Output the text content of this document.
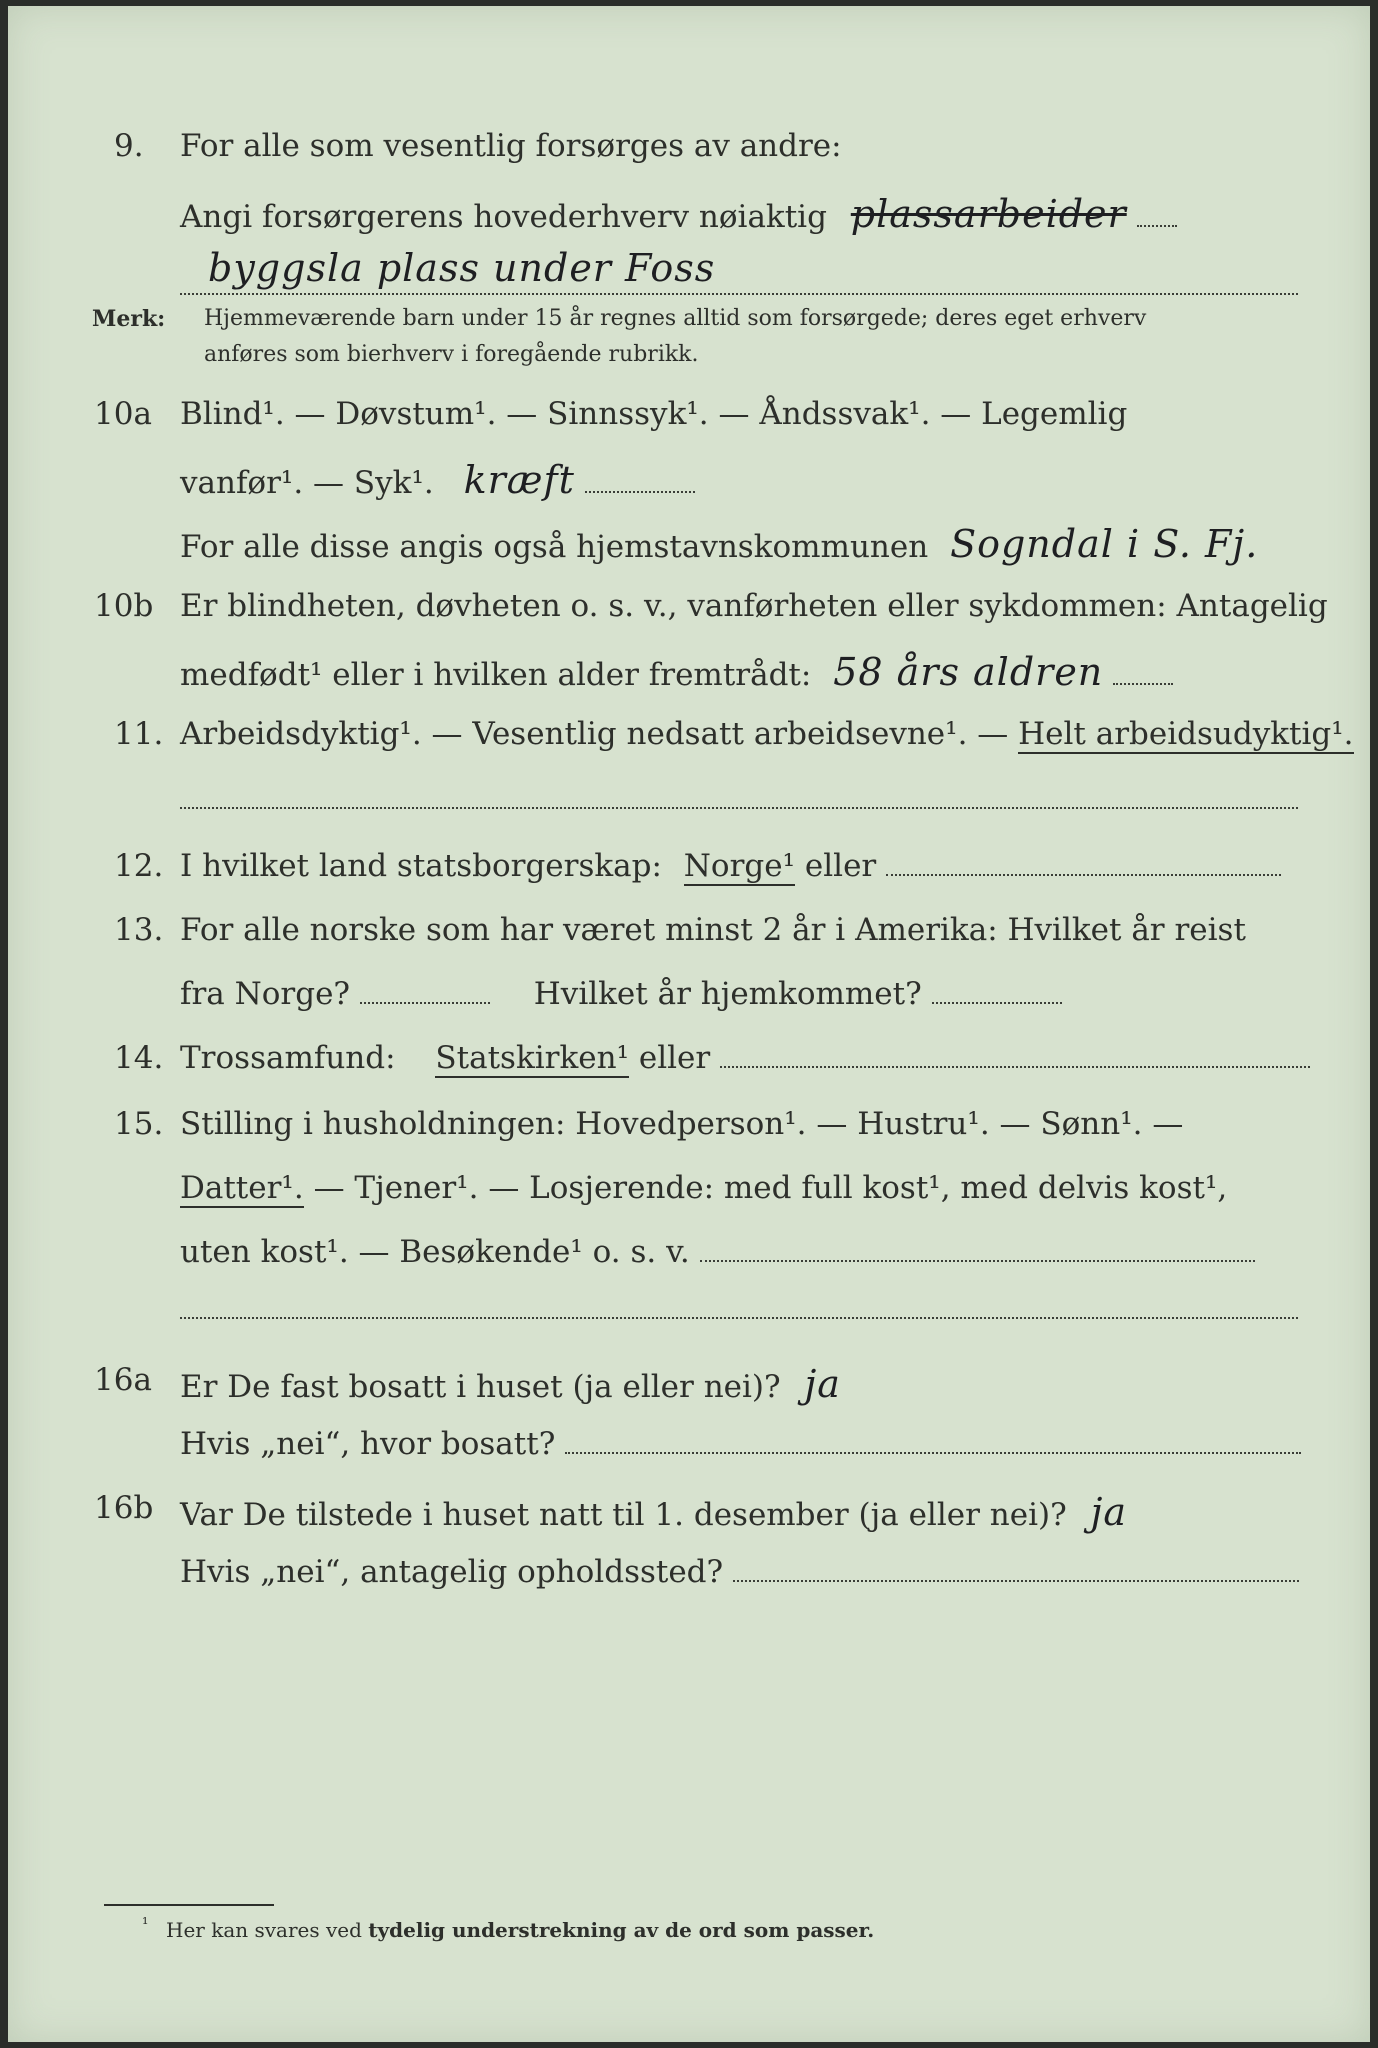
9. For alle som vesentlig forsørges av andre:
Angi forsørgerens hovederhverv nøiaktig plassarbeider
byggsla plass under Foss
Merk: Hjemmeværende barn under 15 år regnes alltid som forsørgede; deres eget erhverv
anføres som bierhverv i foregående rubrikk.
10a Blind¹. — Døvstum¹. — Sinnssyk¹. — Åndssvak¹. — Legemlig
vanfør¹. — Syk¹. kræft
For alle disse angis også hjemstavnskommunen Sogndal i S. Fj.
10b Er blindheten, døvheten o. s. v., vanførheten eller sykdommen: Antagelig
medfødt¹ eller i hvilken alder fremtrådt: 58 års aldren
11. Arbeidsdyktig¹. — Vesentlig nedsatt arbeidsevne¹. — Helt arbeidsudyktig¹.
12. I hvilket land statsborgerskap: Norge¹ eller
13. For alle norske som har været minst 2 år i Amerika: Hvilket år reist
fra Norge?	Hvilket år hjemkommet?
14. Trossamfund: Statskirken¹ eller
15. Stilling i husholdningen: Hovedperson¹. — Hustru¹. — Sønn¹. —
Datter¹. — Tjener¹. — Losjerende: med full kost¹, med delvis kost¹,
uten kost¹. — Besøkende¹ o. s. v.
16a Er De fast bosatt i huset (ja eller nei)? ja
Hvis „nei“, hvor bosatt?
16b Var De tilstede i huset natt til 1. desember (ja eller nei)? ja
Hvis „nei“, antagelig opholdssted?
¹ Her kan svares ved tydelig understrekning av de ord som passer.
